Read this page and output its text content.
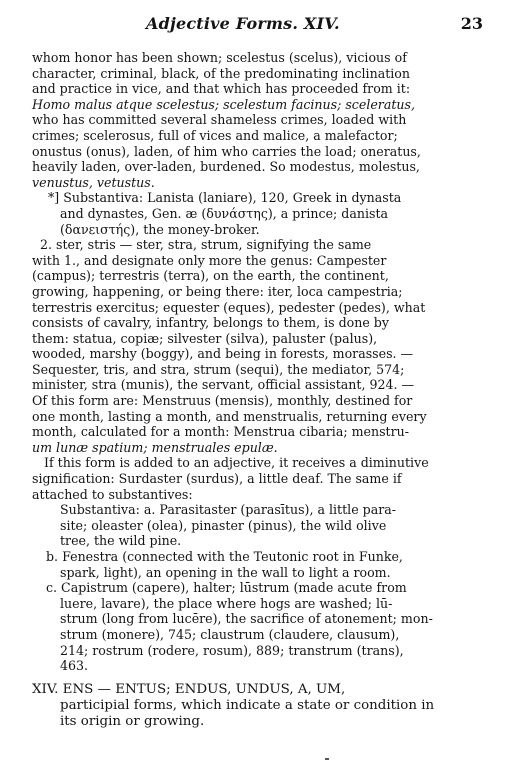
Adjective Forms. XIV.	23
whom honor has been shown; scelestus (scelus), vicious of
character, criminal, black, of the predominating inclination
and practice in vice, and that which has proceeded from it:
Homo malus atque scelestus; scelestum facinus; sceleratus,
who has committed several shameless crimes, loaded with
crimes; scelerosus, full of vices and malice, a malefactor;
onustus (onus), laden, of him who carries the load; oneratus,
heavily laden, over-laden, burdened. So modestus, molestus,
venustus, vetustus.
*] Substantiva: Lanista (laniare), 120, Greek in dynasta
and dynastes, Gen. æ (δυνάστης), a prince; danista
(δανειστής), the money-broker.
2. ster, stris — ster, stra, strum, signifying the same
with 1., and designate only more the genus: Campester
(campus); terrestris (terra), on the earth, the continent,
growing, happening, or being there: iter, loca campestria;
terrestris exercitus; equester (eques), pedester (pedes), what
consists of cavalry, infantry, belongs to them, is done by
them: statua, copiæ; silvester (silva), paluster (palus),
wooded, marshy (boggy), and being in forests, morasses. —
Sequester, tris, and stra, strum (sequi), the mediator, 574;
minister, stra (munis), the servant, official assistant, 924. —
Of this form are: Menstruus (mensis), monthly, destined for
one month, lasting a month, and menstrualis, returning every
month, calculated for a month: Menstrua cibaria; menstru-
um lunæ spatium; menstruales epulæ.
If this form is added to an adjective, it receives a diminutive
signification: Surdaster (surdus), a little deaf. The same if
attached to substantives:
Substantiva: a. Parasitaster (parasītus), a little para-
site; oleaster (olea), pinaster (pinus), the wild olive
tree, the wild pine.
b. Fenestra (connected with the Teutonic root in Funke,
spark, light), an opening in the wall to light a room.
c. Capistrum (capere), halter; lūstrum (made acute from
luere, lavare), the place where hogs are washed; lū-
strum (long from lucēre), the sacrifice of atonement; mon-
strum (monere), 745; claustrum (claudere, clausum),
214; rostrum (rodere, rosum), 889; transtrum (trans),
463.
XIV. ENS — ENTUS; ENDUS, UNDUS, A, UM,
participial forms, which indicate a state or condition in
its origin or growing.
